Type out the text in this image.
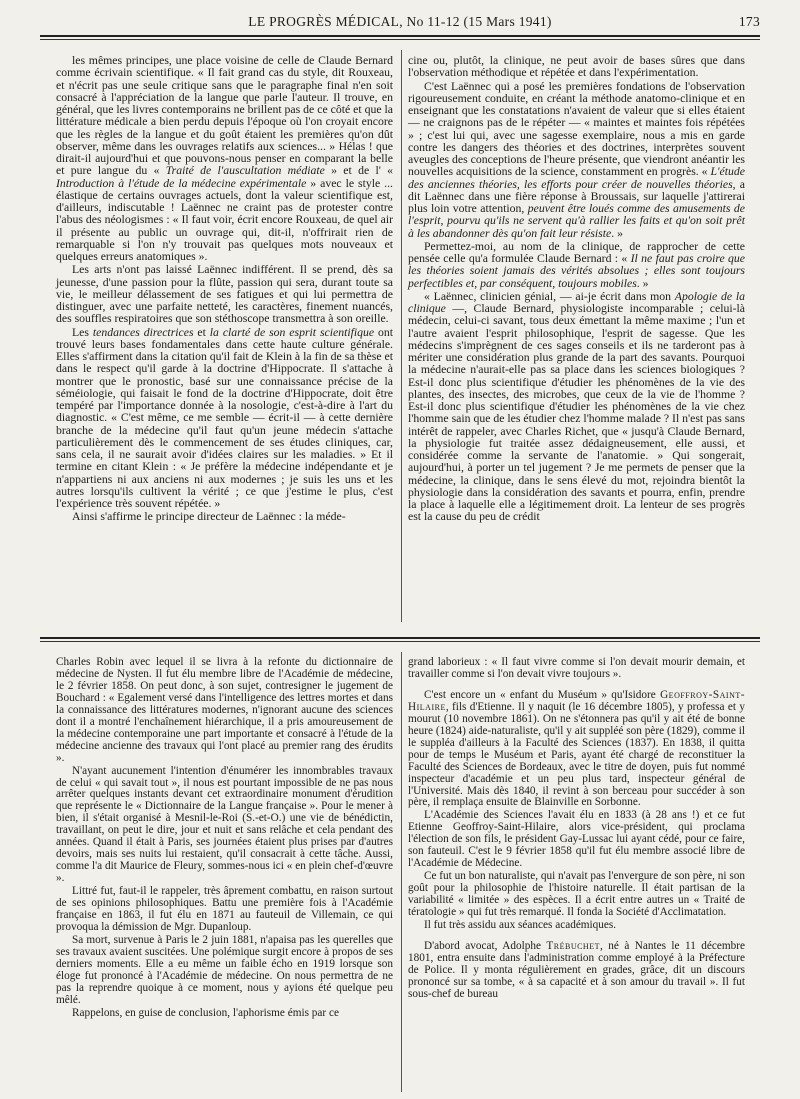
LE PROGRÈS MÉDICAL, No 11-12 (15 Mars 1941)	173

les mêmes principes, une place voisine de celle de Claude Bernard comme écrivain scientifique. « Il fait grand cas du style, dit Rouxeau, et n'écrit pas une seule critique sans que le paragraphe final n'en soit consacré à l'appréciation de la langue que parle l'auteur. Il trouve, en général, que les livres contemporains ne brillent pas de ce côté et que la littérature médicale a bien perdu depuis l'époque où l'on croyait encore que les règles de la langue et du goût étaient les premières qu'on dût observer, même dans les ouvrages relatifs aux sciences... » Hélas ! que dirait-il aujourd'hui et que pouvons-nous penser en comparant la belle et pure langue du « Traité de l'auscultation médiate » et de l' « Introduction à l'étude de la médecine expérimentale » avec le style ... élastique de certains ouvrages actuels, dont la valeur scientifique est, d'ailleurs, indiscutable ! Laënnec ne craint pas de protester contre l'abus des néologismes : « Il faut voir, écrit encore Rouxeau, de quel air il présente au public un ouvrage qui, dit-il, n'offrirait rien de remarquable si l'on n'y trouvait pas quelques mots nouveaux et quelques erreurs anatomiques ».

Les arts n'ont pas laissé Laënnec indifférent. Il se prend, dès sa jeunesse, d'une passion pour la flûte, passion qui sera, durant toute sa vie, le meilleur délassement de ses fatigues et qui lui permettra de distinguer, avec une parfaite netteté, les caractères, finement nuancés, des souffles respiratoires que son stéthoscope transmettra à son oreille.

Les tendances directrices et la clarté de son esprit scientifique ont trouvé leurs bases fondamentales dans cette haute culture générale. Elles s'affirment dans la citation qu'il fait de Klein à la fin de sa thèse et dans le respect qu'il garde à la doctrine d'Hippocrate. Il s'attache à montrer que le pronostic, basé sur une connaissance précise de la séméiologie, qui faisait le fond de la doctrine d'Hippocrate, doit être tempéré par l'importance donnée à la nosologie, c'est-à-dire à l'art du diagnostic. « C'est même, ce me semble — écrit-il — à cette dernière branche de la médecine qu'il faut qu'un jeune médecin s'attache particulièrement dès le commencement de ses études cliniques, car, sans cela, il ne saurait avoir d'idées claires sur les maladies. » Et il termine en citant Klein : « Je préfère la médecine indépendante et je n'appartiens ni aux anciens ni aux modernes ; je suis les uns et les autres lorsqu'ils cultivent la vérité ; ce que j'estime le plus, c'est l'expérience très souvent répétée. »

Ainsi s'affirme le principe directeur de Laënnec : la méde-

cine ou, plutôt, la clinique, ne peut avoir de bases sûres que dans l'observation méthodique et répétée et dans l'expérimentation.

C'est Laënnec qui a posé les premières fondations de l'observation rigoureusement conduite, en créant la méthode anatomo-clinique et en enseignant que les constatations n'avaient de valeur que si elles étaient — ne craignons pas de le répéter — « maintes et maintes fois répétées » ; c'est lui qui, avec une sagesse exemplaire, nous a mis en garde contre les dangers des théories et des doctrines, interprètes souvent aveugles des conceptions de l'heure présente, que viendront anéantir les nouvelles acquisitions de la science, constamment en progrès. « L'étude des anciennes théories, les efforts pour créer de nouvelles théories, a dit Laënnec dans une fière réponse à Broussais, sur laquelle j'attirerai plus loin votre attention, peuvent être loués comme des amusements de l'esprit, pourvu qu'ils ne servent qu'à rallier les faits et qu'on soit prêt à les abandonner dès qu'on fait leur résiste. »

Permettez-moi, au nom de la clinique, de rapprocher de cette pensée celle qu'a formulée Claude Bernard : « Il ne faut pas croire que les théories soient jamais des vérités absolues ; elles sont toujours perfectibles et, par conséquent, toujours mobiles. »

« Laënnec, clinicien génial, — ai-je écrit dans mon Apologie de la clinique —, Claude Bernard, physiologiste incomparable ; celui-là médecin, celui-ci savant, tous deux émettant la même maxime ; l'un et l'autre avaient l'esprit philosophique, l'esprit de sagesse. Que les médecins s'imprègnent de ces sages conseils et ils ne tarderont pas à mériter une considération plus grande de la part des savants. Pourquoi la médecine n'aurait-elle pas sa place dans les sciences biologiques ? Est-il donc plus scientifique d'étudier les phénomènes de la vie des plantes, des insectes, des microbes, que ceux de la vie de l'homme ? Est-il donc plus scientifique d'étudier les phénomènes de la vie chez l'homme sain que de les étudier chez l'homme malade ? Il n'est pas sans intérêt de rappeler, avec Charles Richet, que « jusqu'à Claude Bernard, la physiologie fut traitée assez dédaigneusement, elle aussi, et considérée comme la servante de l'anatomie. » Qui songerait, aujourd'hui, à porter un tel jugement ? Je me permets de penser que la médecine, la clinique, dans le sens élevé du mot, rejoindra bientôt la physiologie dans la considération des savants et pourra, enfin, prendre la place à laquelle elle a légitimement droit. La lenteur de ses progrès est la cause du peu de crédit

Charles Robin avec lequel il se livra à la refonte du dictionnaire de médecine de Nysten. Il fut élu membre libre de l'Académie de médecine, le 2 février 1858. On peut donc, à son sujet, contresigner le jugement de Bouchard : « Egalement versé dans l'intelligence des lettres mortes et dans la connaissance des littératures modernes, n'ignorant aucune des sciences dont il a montré l'enchaînement hiérarchique, il a pris amoureusement de la médecine contemporaine une part importante et consacré à l'étude de la médecine ancienne des travaux qui l'ont placé au premier rang des érudits ».

N'ayant aucunement l'intention d'énumérer les innombrables travaux de celui « qui savait tout », il nous est pourtant impossible de ne pas nous arrêter quelques instants devant cet extraordinaire monument d'érudition que représente le « Dictionnaire de la Langue française ». Pour le mener à bien, il s'était organisé à Mesnil-le-Roi (S.-et-O.) une vie de bénédictin, travaillant, on peut le dire, jour et nuit et sans relâche et cela pendant des années. Quand il était à Paris, ses journées étaient plus prises par d'autres devoirs, mais ses nuits lui restaient, qu'il consacrait à cette tâche. Aussi, comme l'a dit Maurice de Fleury, sommes-nous ici « en plein chef-d'œuvre ».

Littré fut, faut-il le rappeler, très âprement combattu, en raison surtout de ses opinions philosophiques. Battu une première fois à l'Académie française en 1863, il fut élu en 1871 au fauteuil de Villemain, ce qui provoqua la démission de Mgr. Dupanloup.

Sa mort, survenue à Paris le 2 juin 1881, n'apaisa pas les querelles que ses travaux avaient suscitées. Une polémique surgit encore à propos de ses derniers moments. Elle a eu même un faible écho en 1919 lorsque son éloge fut prononcé à l'Académie de médecine. On nous permettra de ne pas la reprendre quoique à ce moment, nous y ayions été quelque peu mêlé.

Rappelons, en guise de conclusion, l'aphorisme émis par ce

grand laborieux : « Il faut vivre comme si l'on devait mourir demain, et travailler comme si l'on devait vivre toujours ».

C'est encore un « enfant du Muséum » qu'Isidore Geoffroy-Saint-Hilaire, fils d'Etienne. Il y naquit (le 16 décembre 1805), y professa et y mourut (10 novembre 1861). On ne s'étonnera pas qu'il y ait été de bonne heure (1824) aide-naturaliste, qu'il y ait suppléé son père (1829), comme il le suppléa d'ailleurs à la Faculté des Sciences (1837). En 1838, il quitta pour de temps le Muséum et Paris, ayant été chargé de reconstituer la Faculté des Sciences de Bordeaux, avec le titre de doyen, puis fut nommé inspecteur d'académie et un peu plus tard, inspecteur général de l'Université. Mais dès 1840, il revint à son berceau pour succéder à son père, il remplaça ensuite de Blainville en Sorbonne.

L'Académie des Sciences l'avait élu en 1833 (à 28 ans !) et ce fut Etienne Geoffroy-Saint-Hilaire, alors vice-président, qui proclama l'élection de son fils, le président Gay-Lussac lui ayant cédé, pour ce faire, son fauteuil. C'est le 9 février 1858 qu'il fut élu membre associé libre de l'Académie de Médecine.

Ce fut un bon naturaliste, qui n'avait pas l'envergure de son père, ni son goût pour la philosophie de l'histoire naturelle. Il était partisan de la variabilité « limitée » des espèces. Il a écrit entre autres un « Traité de tératologie » qui fut très remarqué. Il fonda la Société d'Acclimatation.

Il fut très assidu aux séances académiques.

D'abord avocat, Adolphe Trébuchet, né à Nantes le 11 décembre 1801, entra ensuite dans l'administration comme employé à la Préfecture de Police. Il y monta régulièrement en grades, grâce, dit un discours prononcé sur sa tombe, « à sa capacité et à son amour du travail ». Il fut sous-chef de bureau
